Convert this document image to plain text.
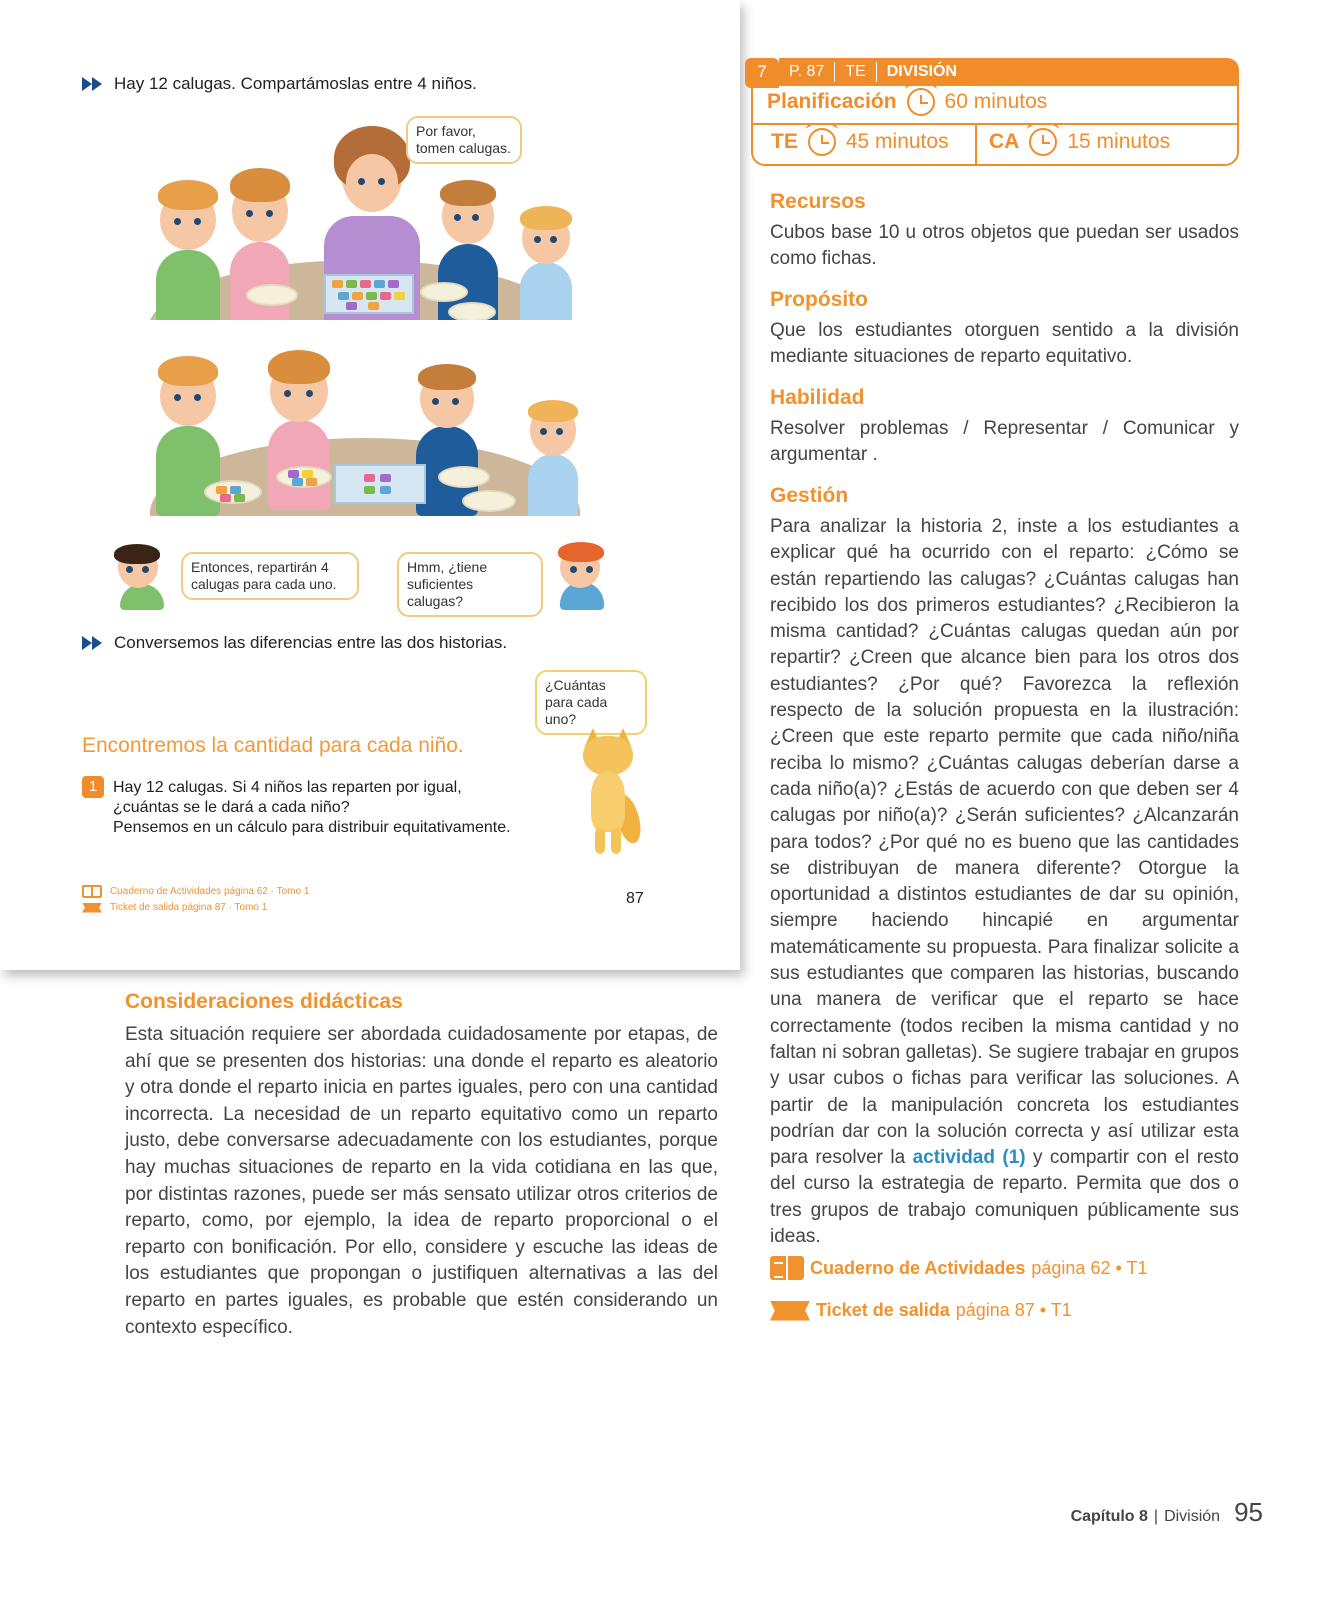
Hay 12 calugas. Compartámoslas entre 4 niños.
Por favor, tomen calugas.
Entonces, repartirán 4 calugas para cada uno.
Hmm, ¿tiene suficientes calugas?
Conversemos las diferencias entre las dos historias.
¿Cuántas para cada uno?
Encontremos la cantidad para cada niño.
1 Hay 12 calugas. Si 4 niños las reparten por igual,
¿cuántas se le dará a cada niño?
Pensemos en un cálculo para distribuir equitativamente.
Cuaderno de Actividades página 62 · Tomo 1
Ticket de salida página 87 · Tomo 1
87
Consideraciones didácticas

Esta situación requiere ser abordada cuidadosamente por etapas, de ahí que se presenten dos historias: una donde el reparto es aleatorio y otra donde el reparto inicia en partes iguales, pero con una cantidad incorrecta. La necesidad de un reparto equitativo como un reparto justo, debe conversarse adecuadamente con los estudiantes, porque hay muchas situaciones de reparto en la vida cotidiana en las que, por distintas razones, puede ser más sensato utilizar otros criterios de reparto, como, por ejemplo, la idea de reparto proporcional o el reparto con bonificación. Por ello, considere y escuche las ideas de los estudiantes que propongan o justifiquen alternativas a las del reparto en partes iguales, es probable que estén considerando un contexto específico.

7	P. 87 TE DIVISIÓN
Planificación 60 minutos
TE 45 minutos CA 15 minutos
Recursos

Cubos base 10 u otros objetos que puedan ser usados como fichas.

Propósito

Que los estudiantes otorguen sentido a la división mediante situaciones de reparto equitativo.

Habilidad

Resolver problemas / Representar / Comunicar y argumentar .

Gestión

Para analizar la historia 2, inste a los estudiantes a explicar qué ha ocurrido con el reparto: ¿Cómo se están repartiendo las calugas? ¿Cuántas calugas han recibido los dos primeros estudiantes? ¿Recibieron la misma cantidad? ¿Cuántas calugas quedan aún por repartir? ¿Creen que alcance bien para los otros dos estudiantes? ¿Por qué? Favorezca la reflexión respecto de la solución propuesta en la ilustración: ¿Creen que este reparto permite que cada niño/niña reciba lo mismo? ¿Cuántas calugas deberían darse a cada niño(a)? ¿Estás de acuerdo con que deben ser 4 calugas por niño(a)? ¿Serán suficientes? ¿Alcanzarán para todos? ¿Por qué no es bueno que las cantidades se distribuyan de manera diferente? Otorgue la oportunidad a distintos estudiantes de dar su opinión, siempre haciendo hincapié en argumentar matemáticamente su propuesta. Para finalizar solicite a sus estudiantes que comparen las historias, buscando una manera de verificar que el reparto se hace correctamente (todos reciben la misma cantidad y no faltan ni sobran galletas). Se sugiere trabajar en grupos y usar cubos o fichas para verificar las soluciones. A partir de la manipulación concreta los estudiantes podrían dar con la solución correcta y así utilizar esta para resolver la actividad (1) y compartir con el resto del curso la estrategia de reparto. Permita que dos o tres grupos de trabajo comuniquen públicamente sus ideas.

Cuaderno de Actividades página 62 • T1
Ticket de salida página 87 • T1
Capítulo 8 | División 95
